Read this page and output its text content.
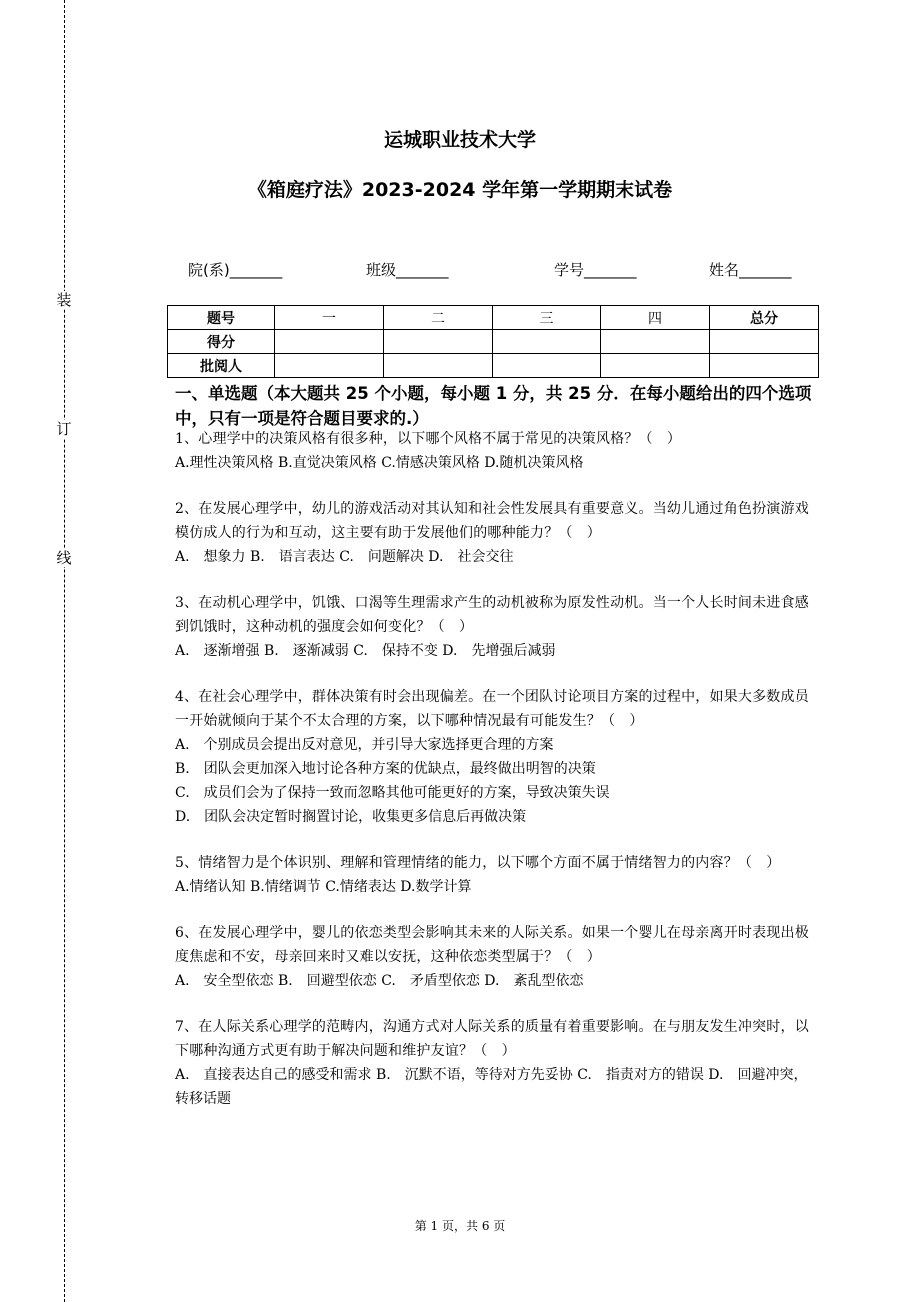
装
订
线
运城职业技术大学
《箱庭疗法》2023-2024 学年第一学期期末试卷
院(系)_______	班级_______	学号_______	姓名_______
题号	一	二	三	四	总分
得分					
批阅人					
一、单选题（本大题共 25 个小题，每小题 1 分，共 25 分．在每小题给出的四个选项中，只有一项是符合题目要求的.）

1、心理学中的决策风格有很多种，以下哪个风格不属于常见的决策风格？（　）

A.理性决策风格 B.直觉决策风格 C.情感决策风格 D.随机决策风格

2、在发展心理学中，幼儿的游戏活动对其认知和社会性发展具有重要意义。当幼儿通过角色扮演游戏模仿成人的行为和互动，这主要有助于发展他们的哪种能力？（　）

A.　想象力 B.　语言表达 C.　问题解决 D.　社会交往

3、在动机心理学中，饥饿、口渴等生理需求产生的动机被称为原发性动机。当一个人长时间未进食感到饥饿时，这种动机的强度会如何变化？（　）

A.　逐渐增强 B.　逐渐减弱 C.　保持不变 D.　先增强后减弱

4、在社会心理学中，群体决策有时会出现偏差。在一个团队讨论项目方案的过程中，如果大多数成员一开始就倾向于某个不太合理的方案，以下哪种情况最有可能发生？（　）

A.　个别成员会提出反对意见，并引导大家选择更合理的方案

B.　团队会更加深入地讨论各种方案的优缺点，最终做出明智的决策

C.　成员们会为了保持一致而忽略其他可能更好的方案，导致决策失误

D.　团队会决定暂时搁置讨论，收集更多信息后再做决策

5、情绪智力是个体识别、理解和管理情绪的能力，以下哪个方面不属于情绪智力的内容？（　）

A.情绪认知 B.情绪调节 C.情绪表达 D.数学计算

6、在发展心理学中，婴儿的依恋类型会影响其未来的人际关系。如果一个婴儿在母亲离开时表现出极度焦虑和不安，母亲回来时又难以安抚，这种依恋类型属于？（　）

A.　安全型依恋 B.　回避型依恋 C.　矛盾型依恋 D.　紊乱型依恋

7、在人际关系心理学的范畴内，沟通方式对人际关系的质量有着重要影响。在与朋友发生冲突时，以下哪种沟通方式更有助于解决问题和维护友谊？（　）

A.　直接表达自己的感受和需求 B.　沉默不语，等待对方先妥协 C.　指责对方的错误 D.　回避冲突，转移话题

第 1 页，共 6 页
